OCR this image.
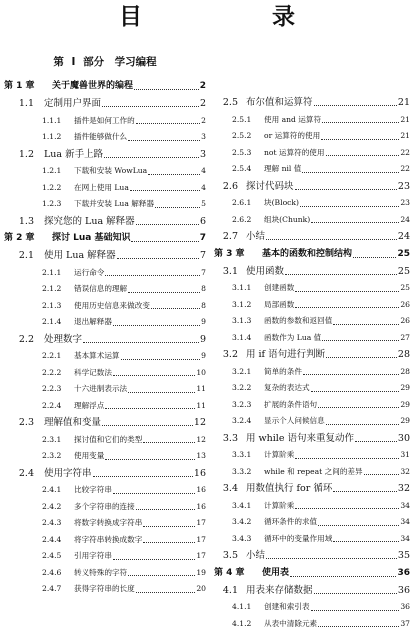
目　　录
第 I 部分　学习编程
第 1 章	关于魔兽世界的编程	2
1.1 定制用户界面	2
1.1.1	插件是如何工作的	2
1.1.2	插件能够做什么	3
1.2 Lua 新手上路	3
1.2.1	下载和安装 WowLua	4
1.2.2	在网上使用 Lua	4
1.2.3	下载并安装 Lua 解释器	5
1.3 探究您的 Lua 解释器	6
第 2 章	探讨 Lua 基础知识	7
2.1 使用 Lua 解释器	7
2.1.1	运行命令	7
2.1.2	错误信息的理解	8
2.1.3	使用历史信息来做改变	8
2.1.4	退出解释器	9
2.2 处理数字	9
2.2.1	基本算术运算	9
2.2.2	科学记数法	10
2.2.3	十六进制表示法	11
2.2.4	理解浮点	11
2.3 理解值和变量	12
2.3.1	探讨值和它们的类型	12
2.3.2	使用变量	13
2.4 使用字符串	16
2.4.1	比较字符串	16
2.4.2	多个字符串的连接	16
2.4.3	将数字转换成字符串	17
2.4.4	将字符串转换成数字	17
2.4.5	引用字符串	17
2.4.6	转义特殊的字符	19
2.4.7	获得字符串的长度	20
2.5 布尔值和运算符	21
2.5.1	使用 and 运算符	21
2.5.2	or 运算符的使用	21
2.5.3	not 运算符的使用	22
2.5.4	理解 nil 值	22
2.6 探讨代码块	23
2.6.1	块(Block)	23
2.6.2	组块(Chunk)	24
2.7 小结	24
第 3 章	基本的函数和控制结构	25
3.1 使用函数	25
3.1.1	创建函数	25
3.1.2	局部函数	26
3.1.3	函数的参数和返回值	26
3.1.4	函数作为 Lua 值	27
3.2 用 if 语句进行判断	28
3.2.1	简单的条件	28
3.2.2	复杂的表达式	29
3.2.3	扩展的条件语句	29
3.2.4	显示个人问候信息	29
3.3 用 while 语句来重复动作	30
3.3.1	计算阶乘	31
3.3.2	while 和 repeat 之间的差异	32
3.4 用数值执行 for 循环	32
3.4.1	计算阶乘	34
3.4.2	循环条件的求值	34
3.4.3	循环中的变量作用域	34
3.5 小结	35
第 4 章	使用表	36
4.1 用表来存储数据	36
4.1.1	创建和索引表	36
4.1.2	从表中清除元素	37
